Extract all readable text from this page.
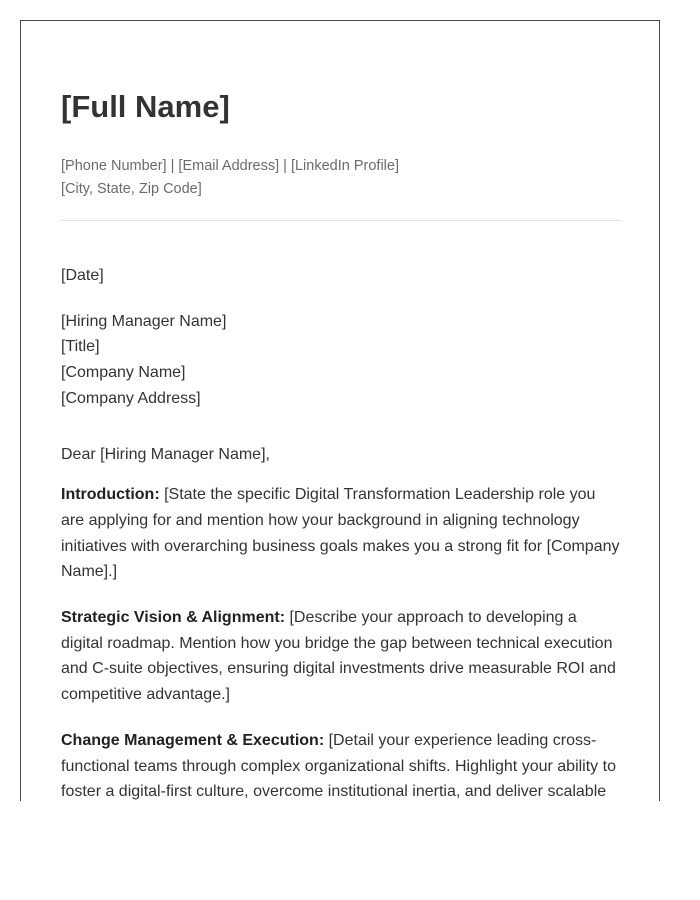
[Full Name]
[Phone Number] | [Email Address] | [LinkedIn Profile]
[City, State, Zip Code]
[Date]
[Hiring Manager Name]
[Title]
[Company Name]
[Company Address]
Dear [Hiring Manager Name],

Introduction: [State the specific Digital Transformation Leadership role you are applying for and mention how your background in aligning technology initiatives with overarching business goals makes you a strong fit for [Company Name].]

Strategic Vision & Alignment: [Describe your approach to developing a digital roadmap. Mention how you bridge the gap between technical execution and C-suite objectives, ensuring digital investments drive measurable ROI and competitive advantage.]

Change Management & Execution: [Detail your experience leading cross-functional teams through complex organizational shifts. Highlight your ability to foster a digital-first culture, overcome institutional inertia, and deliver scalable
